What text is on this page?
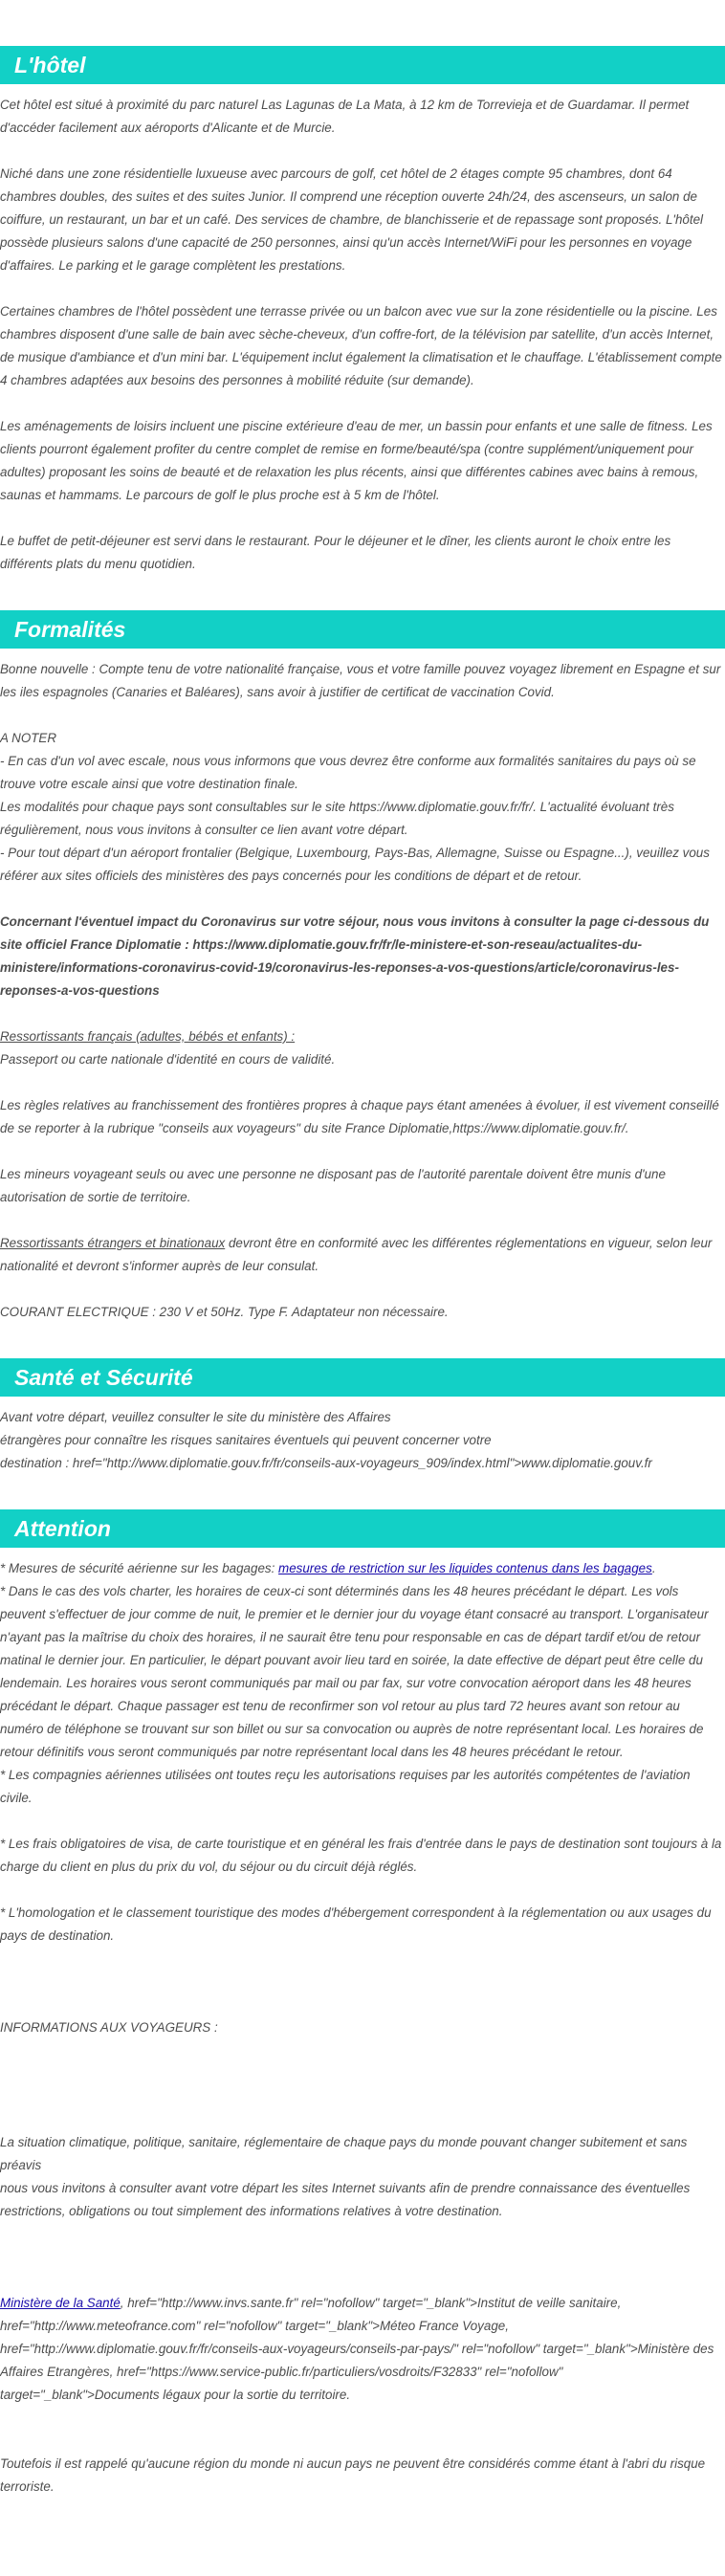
L'hôtel

Cet hôtel est situé à proximité du parc naturel Las Lagunas de La Mata, à 12 km de Torrevieja et de Guardamar. Il permet d'accéder facilement aux aéroports d'Alicante et de Murcie.

Niché dans une zone résidentielle luxueuse avec parcours de golf, cet hôtel de 2 étages compte 95 chambres, dont 64 chambres doubles, des suites et des suites Junior. Il comprend une réception ouverte 24h/24, des ascenseurs, un salon de coiffure, un restaurant, un bar et un café. Des services de chambre, de blanchisserie et de repassage sont proposés. L'hôtel possède plusieurs salons d'une capacité de 250 personnes, ainsi qu'un accès Internet/WiFi pour les personnes en voyage d'affaires. Le parking et le garage complètent les prestations.

Certaines chambres de l'hôtel possèdent une terrasse privée ou un balcon avec vue sur la zone résidentielle ou la piscine. Les chambres disposent d'une salle de bain avec sèche-cheveux, d'un coffre-fort, de la télévision par satellite, d'un accès Internet, de musique d'ambiance et d'un mini bar. L'équipement inclut également la climatisation et le chauffage. L'établissement compte 4 chambres adaptées aux besoins des personnes à mobilité réduite (sur demande).

Les aménagements de loisirs incluent une piscine extérieure d'eau de mer, un bassin pour enfants et une salle de fitness. Les clients pourront également profiter du centre complet de remise en forme/beauté/spa (contre supplément/uniquement pour adultes) proposant les soins de beauté et de relaxation les plus récents, ainsi que différentes cabines avec bains à remous, saunas et hammams. Le parcours de golf le plus proche est à 5 km de l'hôtel.

Le buffet de petit-déjeuner est servi dans le restaurant. Pour le déjeuner et le dîner, les clients auront le choix entre les différents plats du menu quotidien.

Formalités

Bonne nouvelle : Compte tenu de votre nationalité française, vous et votre famille pouvez voyagez librement en Espagne et sur les iles espagnoles (Canaries et Baléares), sans avoir à justifier de certificat de vaccination Covid.

A NOTER
- En cas d'un vol avec escale, nous vous informons que vous devrez être conforme aux formalités sanitaires du pays où se trouve votre escale ainsi que votre destination finale.
Les modalités pour chaque pays sont consultables sur le site https://www.diplomatie.gouv.fr/fr/. L'actualité évoluant très régulièrement, nous vous invitons à consulter ce lien avant votre départ.
- Pour tout départ d'un aéroport frontalier (Belgique, Luxembourg, Pays-Bas, Allemagne, Suisse ou Espagne...), veuillez vous référer aux sites officiels des ministères des pays concernés pour les conditions de départ et de retour.

Concernant l'éventuel impact du Coronavirus sur votre séjour, nous vous invitons à consulter la page ci-dessous du site officiel France Diplomatie : https://www.diplomatie.gouv.fr/fr/le-ministere-et-son-reseau/actualites-du-ministere/informations-coronavirus-covid-19/coronavirus-les-reponses-a-vos-questions/article/coronavirus-les-reponses-a-vos-questions

Ressortissants français (adultes, bébés et enfants) :
Passeport ou carte nationale d'identité en cours de validité.

Les règles relatives au franchissement des frontières propres à chaque pays étant amenées à évoluer, il est vivement conseillé de se reporter à la rubrique "conseils aux voyageurs" du site France Diplomatie,https://www.diplomatie.gouv.fr/.

Les mineurs voyageant seuls ou avec une personne ne disposant pas de l'autorité parentale doivent être munis d'une autorisation de sortie de territoire.

Ressortissants étrangers et binationaux devront être en conformité avec les différentes réglementations en vigueur, selon leur nationalité et devront s'informer auprès de leur consulat.

COURANT ELECTRIQUE : 230 V et 50Hz. Type F. Adaptateur non nécessaire.

Santé et Sécurité

Avant votre départ, veuillez consulter le site du ministère des Affaires
étrangères pour connaître les risques sanitaires éventuels qui peuvent concerner votre
destination : href="http://www.diplomatie.gouv.fr/fr/conseils-aux-voyageurs_909/index.html">www.diplomatie.gouv.fr

Attention

* Mesures de sécurité aérienne sur les bagages: mesures de restriction sur les liquides contenus dans les bagages.
* Dans le cas des vols charter, les horaires de ceux-ci sont déterminés dans les 48 heures précédant le départ. Les vols peuvent s'effectuer de jour comme de nuit, le premier et le dernier jour du voyage étant consacré au transport. L'organisateur n'ayant pas la maîtrise du choix des horaires, il ne saurait être tenu pour responsable en cas de départ tardif et/ou de retour matinal le dernier jour. En particulier, le départ pouvant avoir lieu tard en soirée, la date effective de départ peut être celle du lendemain. Les horaires vous seront communiqués par mail ou par fax, sur votre convocation aéroport dans les 48 heures précédant le départ. Chaque passager est tenu de reconfirmer son vol retour au plus tard 72 heures avant son retour au numéro de téléphone se trouvant sur son billet ou sur sa convocation ou auprès de notre représentant local. Les horaires de retour définitifs vous seront communiqués par notre représentant local dans les 48 heures précédant le retour.
* Les compagnies aériennes utilisées ont toutes reçu les autorisations requises par les autorités compétentes de l'aviation civile.

* Les frais obligatoires de visa, de carte touristique et en général les frais d'entrée dans le pays de destination sont toujours à la charge du client en plus du prix du vol, du séjour ou du circuit déjà réglés.

* L'homologation et le classement touristique des modes d'hébergement correspondent à la réglementation ou aux usages du pays de destination.

INFORMATIONS AUX VOYAGEURS :

La situation climatique, politique, sanitaire, réglementaire de chaque pays du monde pouvant changer subitement et sans préavis
nous vous invitons à consulter avant votre départ les sites Internet suivants afin de prendre connaissance des éventuelles restrictions, obligations ou tout simplement des informations relatives à votre destination.

Ministère de la Santé, href="http://www.invs.sante.fr" rel="nofollow" target="_blank">Institut de veille sanitaire, href="http://www.meteofrance.com" rel="nofollow" target="_blank">Méteo France Voyage, href="http://www.diplomatie.gouv.fr/fr/conseils-aux-voyageurs/conseils-par-pays/" rel="nofollow" target="_blank">Ministère des Affaires Etrangères, href="https://www.service-public.fr/particuliers/vosdroits/F32833" rel="nofollow" target="_blank">Documents légaux pour la sortie du territoire.

Toutefois il est rappelé qu'aucune région du monde ni aucun pays ne peuvent être considérés comme étant à l'abri du risque terroriste.
